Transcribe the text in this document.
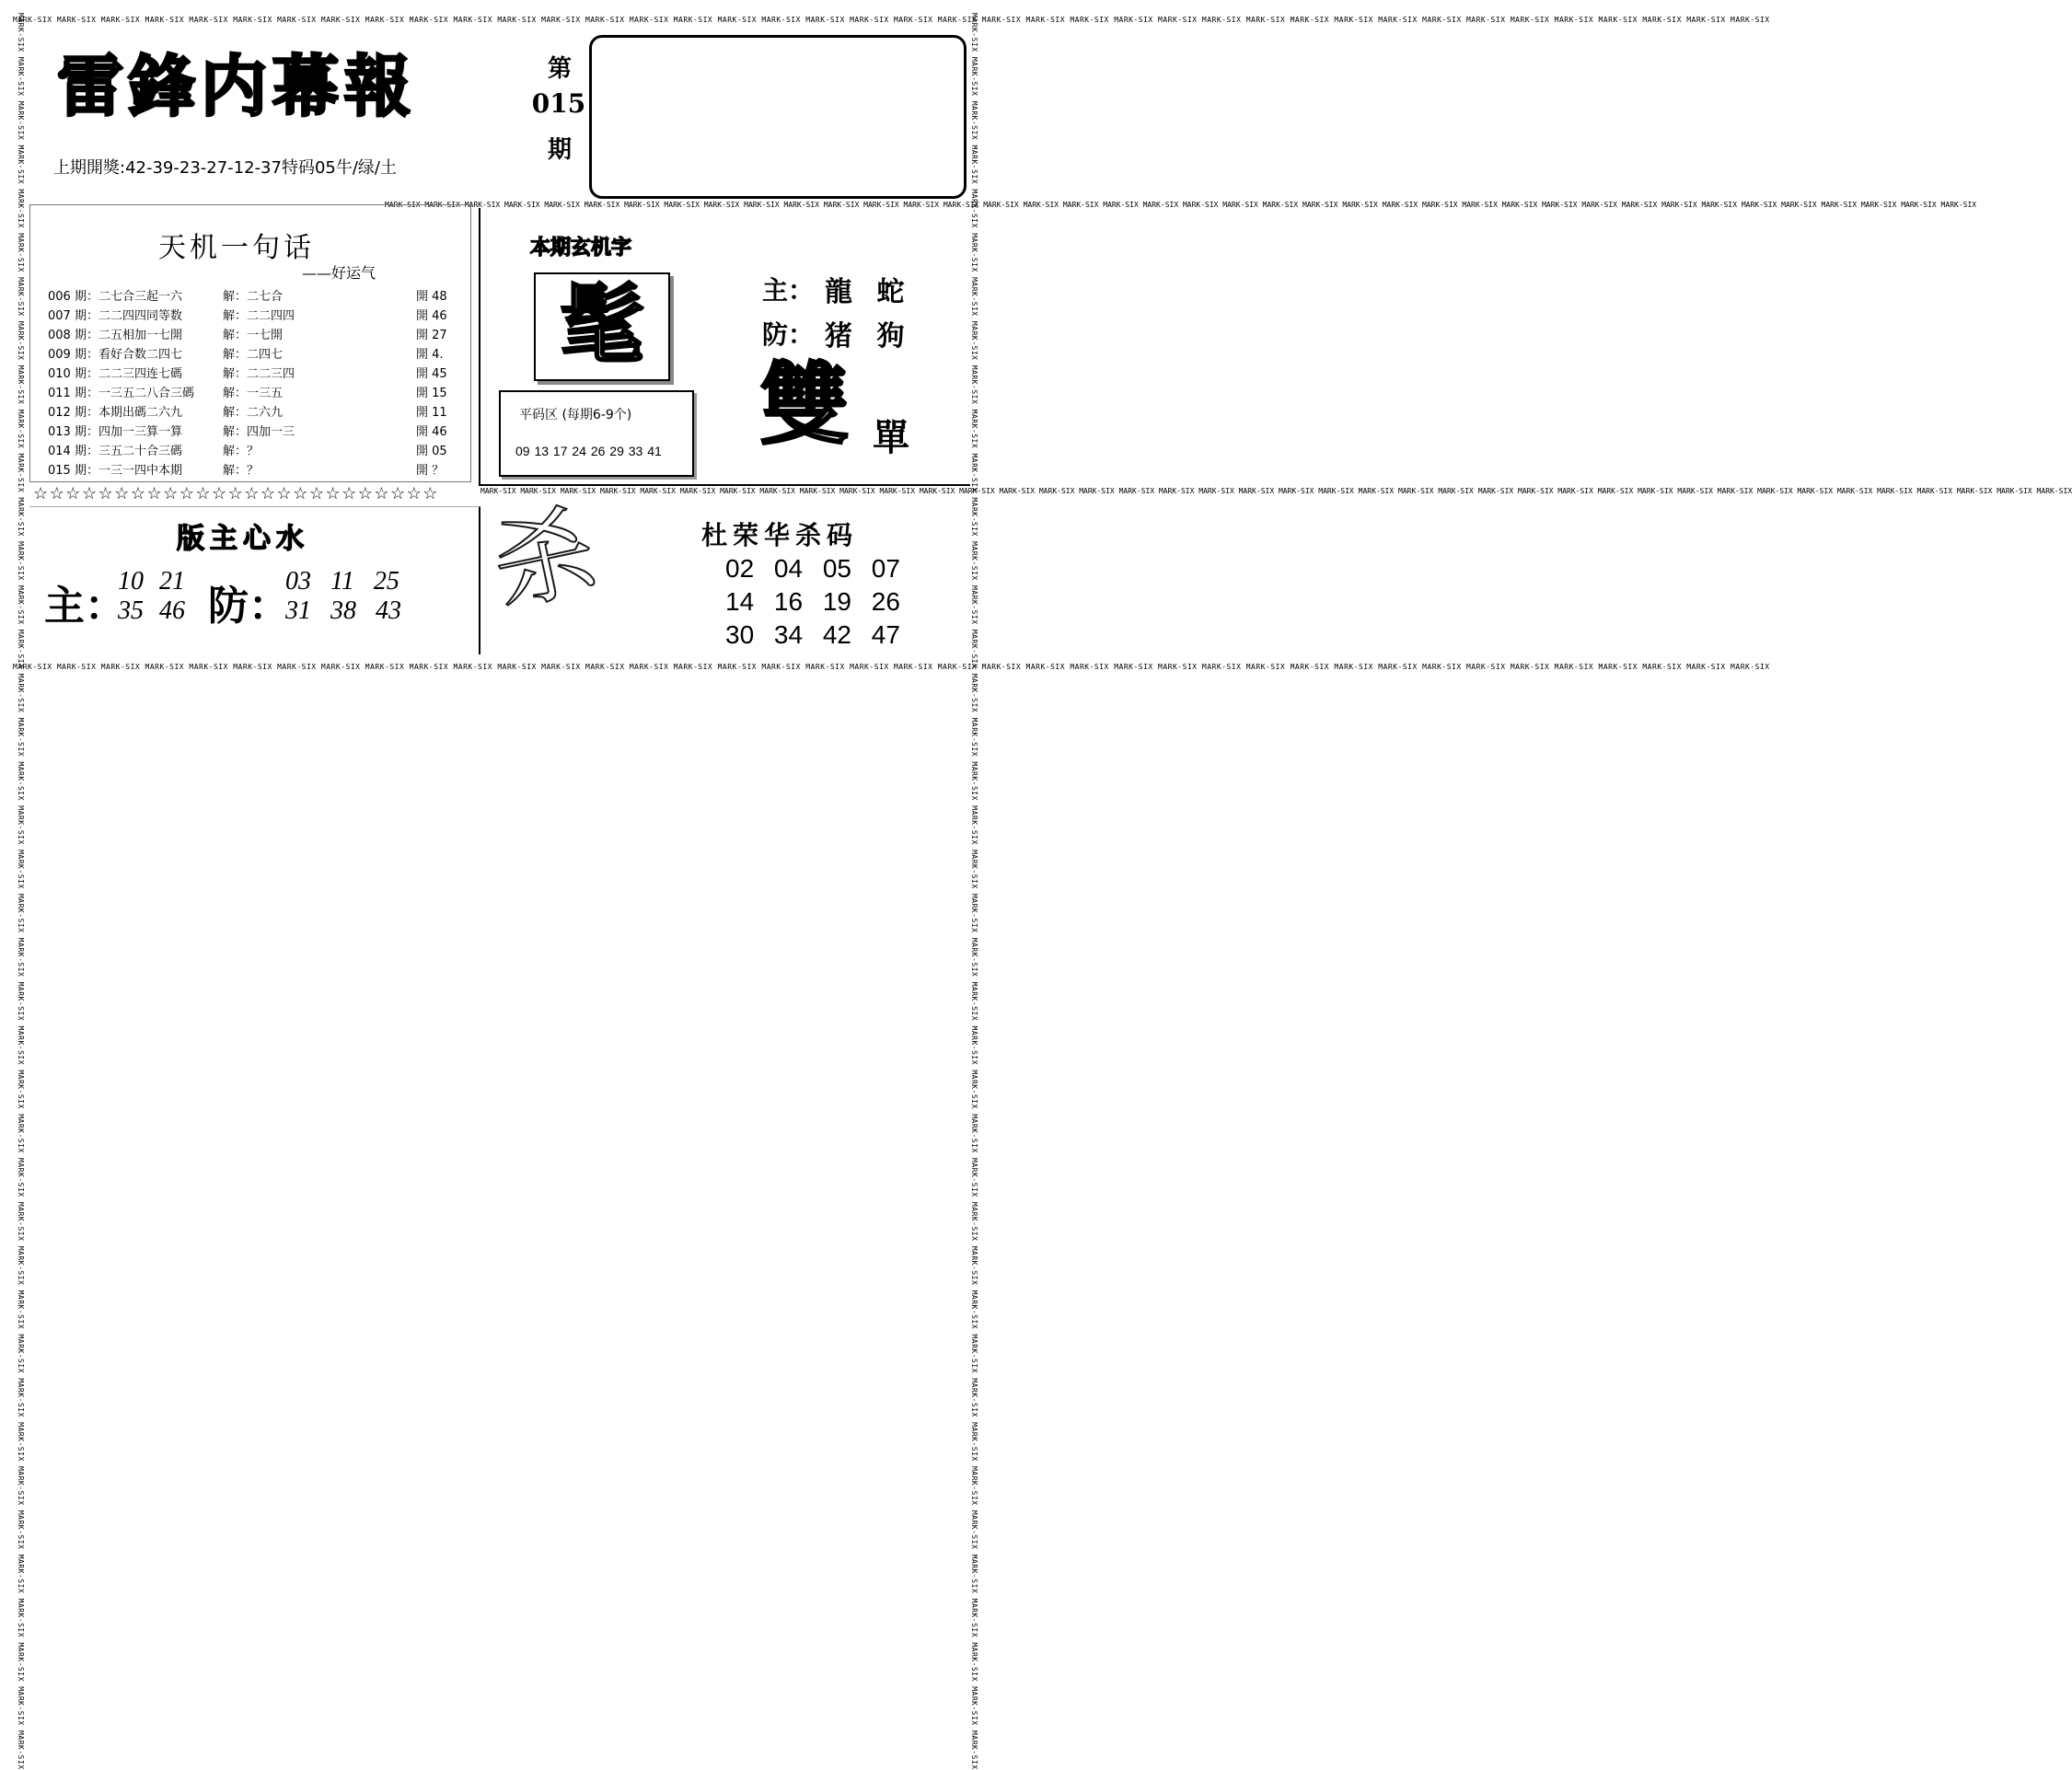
MARK-SIX MARK-SIX MARK-SIX MARK-SIX MARK-SIX MARK-SIX MARK-SIX MARK-SIX MARK-SIX MARK-SIX MARK-SIX MARK-SIX MARK-SIX MARK-SIX MARK-SIX MARK-SIX MARK-SIX MARK-SIX MARK-SIX MARK-SIX MARK-SIX MARK-SIX MARK-SIX MARK-SIX MARK-SIX MARK-SIX MARK-SIX MARK-SIX MARK-SIX MARK-SIX MARK-SIX MARK-SIX MARK-SIX MARK-SIX MARK-SIX MARK-SIX MARK-SIX MARK-SIX MARK-SIX MARK-SIX
MARK-SIX MARK-SIX MARK-SIX MARK-SIX MARK-SIX MARK-SIX MARK-SIX MARK-SIX MARK-SIX MARK-SIX MARK-SIX MARK-SIX MARK-SIX MARK-SIX MARK-SIX MARK-SIX MARK-SIX MARK-SIX MARK-SIX MARK-SIX MARK-SIX MARK-SIX MARK-SIX MARK-SIX MARK-SIX MARK-SIX MARK-SIX MARK-SIX MARK-SIX MARK-SIX MARK-SIX MARK-SIX MARK-SIX MARK-SIX MARK-SIX MARK-SIX MARK-SIX MARK-SIX MARK-SIX MARK-SIX
MARK-SIX MARK-SIX MARK-SIX MARK-SIX MARK-SIX MARK-SIX MARK-SIX MARK-SIX MARK-SIX MARK-SIX MARK-SIX MARK-SIX MARK-SIX MARK-SIX MARK-SIX MARK-SIX MARK-SIX MARK-SIX MARK-SIX MARK-SIX MARK-SIX MARK-SIX MARK-SIX MARK-SIX MARK-SIX MARK-SIX MARK-SIX MARK-SIX MARK-SIX MARK-SIX MARK-SIX MARK-SIX MARK-SIX MARK-SIX MARK-SIX MARK-SIX MARK-SIX MARK-SIX MARK-SIX MARK-SIX	MARK-SIX MARK-SIX MARK-SIX MARK-SIX MARK-SIX MARK-SIX MARK-SIX MARK-SIX MARK-SIX MARK-SIX MARK-SIX MARK-SIX MARK-SIX MARK-SIX MARK-SIX MARK-SIX MARK-SIX MARK-SIX MARK-SIX MARK-SIX MARK-SIX MARK-SIX MARK-SIX MARK-SIX MARK-SIX MARK-SIX MARK-SIX MARK-SIX MARK-SIX MARK-SIX MARK-SIX MARK-SIX MARK-SIX MARK-SIX MARK-SIX MARK-SIX MARK-SIX MARK-SIX MARK-SIX MARK-SIX
雷鋒内幕報	第
015
期
上期開獎:42-39-23-27-12-37特码05牛/绿/土
MARK-SIX MARK-SIX MARK-SIX MARK-SIX MARK-SIX MARK-SIX MARK-SIX MARK-SIX MARK-SIX MARK-SIX MARK-SIX MARK-SIX MARK-SIX MARK-SIX MARK-SIX MARK-SIX MARK-SIX MARK-SIX MARK-SIX MARK-SIX MARK-SIX MARK-SIX MARK-SIX MARK-SIX MARK-SIX MARK-SIX MARK-SIX MARK-SIX MARK-SIX MARK-SIX MARK-SIX MARK-SIX MARK-SIX MARK-SIX MARK-SIX MARK-SIX MARK-SIX MARK-SIX MARK-SIX MARK-SIX
天机一句话
——好运气
006 期：二七合三起一六	解：二七合	開 48
007 期：二二四四同等数	解：二二四四	開 46
008 期：二五相加一七開	解：一七開	開 27
009 期：看好合数二四七	解：二四七	開 4.
010 期：二二三四连七碼	解：二二三四	開 45
011 期：一三五二八合三碼 解：一三五	開 15
012 期：本期出碼二六九	解：二六九	開 11
013 期：四加一三算一算	解：四加一三	開 46
014 期：三五二十合三碼	解：？	開 05
015 期：一三一四中本期	解：？	開 ？
☆☆☆☆☆☆☆☆☆☆☆☆☆☆☆☆☆☆☆☆☆☆☆☆☆
本期玄机字
髦	主： 龍 蛇
防： 猪 狗
雙 單
平码区 (每期6-9个)
09 13 17 24 26 29 33 41
MARK-SIX MARK-SIX MARK-SIX MARK-SIX MARK-SIX MARK-SIX MARK-SIX MARK-SIX MARK-SIX MARK-SIX MARK-SIX MARK-SIX MARK-SIX MARK-SIX MARK-SIX MARK-SIX MARK-SIX MARK-SIX MARK-SIX MARK-SIX MARK-SIX MARK-SIX MARK-SIX MARK-SIX MARK-SIX MARK-SIX MARK-SIX MARK-SIX MARK-SIX MARK-SIX MARK-SIX MARK-SIX MARK-SIX MARK-SIX MARK-SIX MARK-SIX MARK-SIX MARK-SIX MARK-SIX MARK-SIX
版主心水
主：
10 21
35 46 防：
03 11 25
31 38 43 杀	杜荣华杀码
02 04 05 07
14 16 19 26
30 34 42 47
